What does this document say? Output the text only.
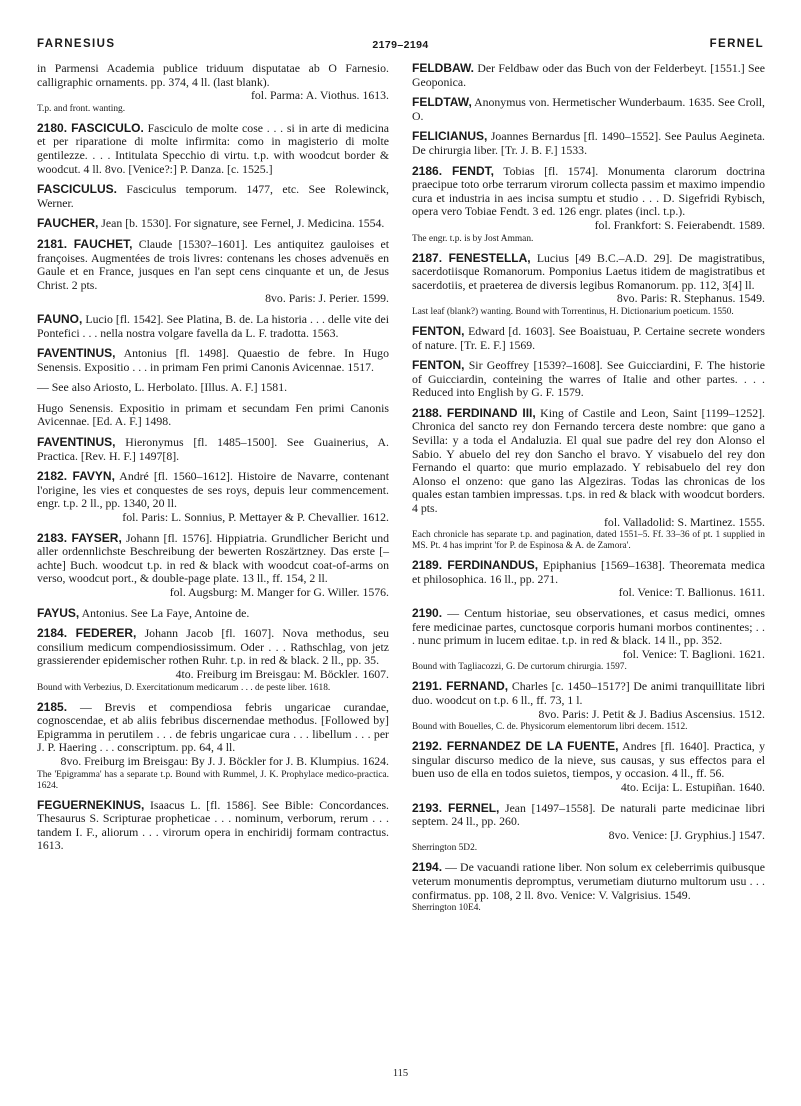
FARNESIUS	2179–2194	FERNEL
in Parmensi Academia publice triduum disputatae ab O Farnesio. calligraphic ornaments. pp. 374, 4 ll. (last blank).
fol. Parma: A. Viothus. 1613.
T.p. and front. wanting.
2180. FASCICULO. Fasciculo de molte cose . . . si in arte di medicina et per riparatione di molte infirmita: como in magisterio di molte gentilezze. . . . Intitulata Specchio di virtu. t.p. with woodcut border & woodcut. 4 ll. 8vo. [Venice?:] P. Danza. [c. 1525.]
FASCICULUS. Fasciculus temporum. 1477, etc. See Rolewinck, Werner.
FAUCHER, Jean [b. 1530]. For signature, see Fernel, J. Medicina. 1554.
2181. FAUCHET, Claude [1530?–1601]. Les antiquitez gauloises et françoises. Augmentées de trois livres: contenans les choses advenuës en Gaule et en France, jusques en l'an sept cens cinquante et un, de Jesus Christ. 2 pts.
8vo. Paris: J. Perier. 1599.
FAUNO, Lucio [fl. 1542]. See Platina, B. de. La historia . . . delle vite dei Pontefici . . . nella nostra volgare favella da L. F. tradotta. 1563.
FAVENTINUS, Antonius [fl. 1498]. Quaestio de febre. In Hugo Senensis. Expositio . . . in primam Fen primi Canonis Avicennae. 1517.
— See also Ariosto, L. Herbolato. [Illus. A. F.] 1581.
Hugo Senensis. Expositio in primam et secundam Fen primi Canonis Avicennae. [Ed. A. F.] 1498.
FAVENTINUS, Hieronymus [fl. 1485–1500]. See Guainerius, A. Practica. [Rev. H. F.] 1497[8].
2182. FAVYN, André [fl. 1560–1612]. Histoire de Navarre, contenant l'origine, les vies et conquestes de ses roys, depuis leur commencement. engr. t.p. 2 ll., pp. 1340, 20 ll.
fol. Paris: L. Sonnius, P. Mettayer & P. Chevallier. 1612.
2183. FAYSER, Johann [fl. 1576]. Hippiatria. Grundlicher Bericht und aller ordennlichste Beschreibung der bewerten Roszärtzney. Das erste [–achte] Buch. woodcut t.p. in red & black with woodcut coat-of-arms on verso, woodcut port., & double-page plate. 13 ll., ff. 154, 2 ll.
fol. Augsburg: M. Manger for G. Willer. 1576.
FAYUS, Antonius. See La Faye, Antoine de.
2184. FEDERER, Johann Jacob [fl. 1607]. Nova methodus, seu consilium medicum compendiosissimum. Oder . . . Rathschlag, von jetz grassierender epidemischer rothen Ruhr. t.p. in red & black. 2 ll., pp. 35.
4to. Freiburg im Breisgau: M. Böckler. 1607.
Bound with Verbezius, D. Exercitationum medicarum . . . de peste liber. 1618.
2185. — Brevis et compendiosa febris ungaricae curandae, cognoscendae, et ab aliis febribus discernendae methodus. [Followed by] Epigramma in perutilem . . . de febris ungaricae cura . . . libellum . . . per J. P. Haering . . . conscriptum. pp. 64, 4 ll.
8vo. Freiburg im Breisgau: By J. J. Böckler for J. B. Klumpius. 1624.
The 'Epigramma' has a separate t.p. Bound with Rummel, J. K. Prophylace medico-practica. 1624.
FEGUERNEKINUS, Isaacus L. [fl. 1586]. See Bible: Concordances. Thesaurus S. Scripturae propheticae . . . nominum, verborum, rerum . . . tandem I. F., aliorum . . . virorum opera in enchiridij formam contractus. 1613.
FELDBAW. Der Feldbaw oder das Buch von der Felderbeyt. [1551.] See Geoponica.
FELDTAW, Anonymus von. Hermetischer Wunderbaum. 1635. See Croll, O.
FELICIANUS, Joannes Bernardus [fl. 1490–1552]. See Paulus Aegineta. De chirurgia liber. [Tr. J. B. F.] 1533.
2186. FENDT, Tobias [fl. 1574]. Monumenta clarorum doctrina praecipue toto orbe terrarum virorum collecta passim et maximo impendio cura et industria in aes incisa sumptu et studio . . . D. Sigefridi Rybisch, opera vero Tobiae Fendt. 3 ed. 126 engr. plates (incl. t.p.).
fol. Frankfort: S. Feierabendt. 1589.
The engr. t.p. is by Jost Amman.
2187. FENESTELLA, Lucius [49 B.C.–A.D. 29]. De magistratibus, sacerdotiisque Romanorum. Pomponius Laetus itidem de magistratibus et sacerdotiis, et praeterea de diversis legibus Romanorum. pp. 112, 3[4] ll.
8vo. Paris: R. Stephanus. 1549.
Last leaf (blank?) wanting. Bound with Torrentinus, H. Dictionarium poeticum. 1550.
FENTON, Edward [d. 1603]. See Boaistuau, P. Certaine secrete wonders of nature. [Tr. E. F.] 1569.
FENTON, Sir Geoffrey [1539?–1608]. See Guicciardini, F. The historie of Guicciardin, conteining the warres of Italie and other partes. . . . Reduced into English by G. F. 1579.
2188. FERDINAND III, King of Castile and Leon, Saint [1199–1252]. Chronica del sancto rey don Fernando tercera deste nombre: que gano a Sevilla: y a toda el Andaluzia. El qual sue padre del rey don Alonso el Sabio. Y abuelo del rey don Sancho el bravo. Y visabuelo del rey don Fernando el quarto: que murio emplazado. Y rebisabuelo del rey don Alonso el onzeno: que gano las Algeziras. Todas las chronicas de los quales estan tambien impressas. t.ps. in red & black with woodcut borders. 4 pts.
fol. Valladolid: S. Martinez. 1555.
Each chronicle has separate t.p. and pagination, dated 1551–5. Ff. 33–36 of pt. 1 supplied in MS. Pt. 4 has imprint 'for P. de Espinosa & A. de Zamora'.
2189. FERDINANDUS, Epiphanius [1569–1638]. Theoremata medica et philosophica. 16 ll., pp. 271.
fol. Venice: T. Ballionus. 1611.
2190. — Centum historiae, seu observationes, et casus medici, omnes fere medicinae partes, cunctosque corporis humani morbos continentes; . . . nunc primum in lucem editae. t.p. in red & black. 14 ll., pp. 352.
fol. Venice: T. Baglioni. 1621.
Bound with Tagliacozzi, G. De curtorum chirurgia. 1597.
2191. FERNAND, Charles [c. 1450–1517?] De animi tranquillitate libri duo. woodcut on t.p. 6 ll., ff. 73, 1 l.
8vo. Paris: J. Petit & J. Badius Ascensius. 1512.
Bound with Bouelles, C. de. Physicorum elementorum libri decem. 1512.
2192. FERNANDEZ DE LA FUENTE, Andres [fl. 1640]. Practica, y singular discurso medico de la nieve, sus causas, y sus effectos para el buen uso de ella en todos suietos, tiempos, y occasion. 4 ll., ff. 56.
4to. Ecija: L. Estupiñan. 1640.
2193. FERNEL, Jean [1497–1558]. De naturali parte medicinae libri septem. 24 ll., pp. 260.
8vo. Venice: [J. Gryphius.] 1547.
Sherrington 5D2.
2194. — De vacuandi ratione liber. Non solum ex celeberrimis quibusque veterum monumentis depromptus, verumetiam diuturno multorum usu . . . confirmatus. pp. 108, 2 ll. 8vo. Venice: V. Valgrisius. 1549.
Sherrington 10E4.
115
